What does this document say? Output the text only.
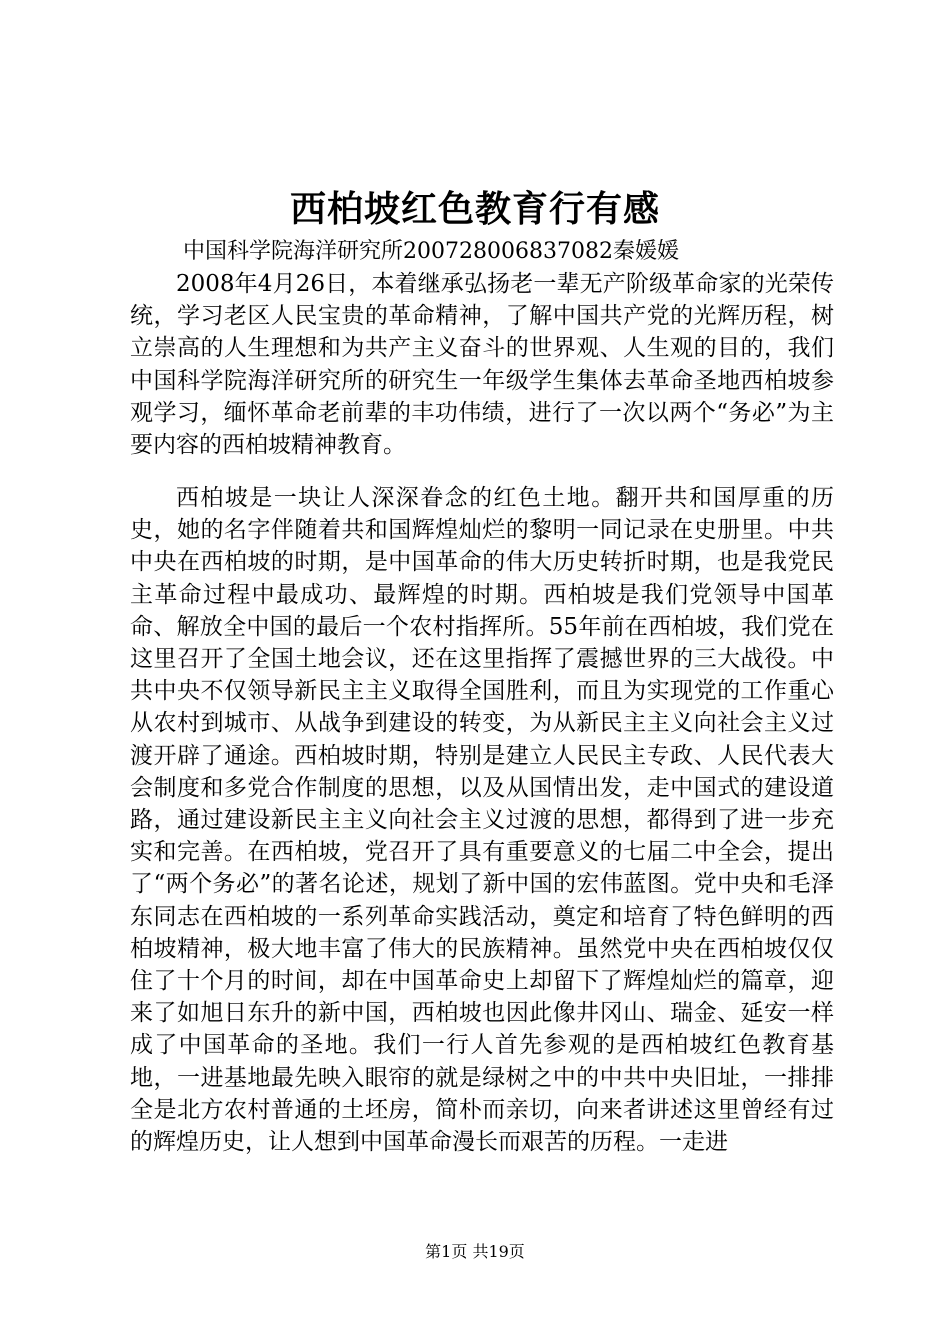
西柏坡红色教育行有感
中国科学院海洋研究所200728006837082秦媛媛

2008年4月26日，本着继承弘扬老一辈无产阶级革命家的光荣传统，学习老区人民宝贵的革命精神，了解中国共产党的光辉历程，树立崇高的人生理想和为共产主义奋斗的世界观、人生观的目的，我们中国科学院海洋研究所的研究生一年级学生集体去革命圣地西柏坡参观学习，缅怀革命老前辈的丰功伟绩，进行了一次以两个“务必”为主要内容的西柏坡精神教育。

西柏坡是一块让人深深眷念的红色土地。翻开共和国厚重的历史，她的名字伴随着共和国辉煌灿烂的黎明一同记录在史册里。中共中央在西柏坡的时期，是中国革命的伟大历史转折时期，也是我党民主革命过程中最成功、最辉煌的时期。西柏坡是我们党领导中国革命、解放全中国的最后一个农村指挥所。55年前在西柏坡，我们党在这里召开了全国土地会议，还在这里指挥了震撼世界的三大战役。中共中央不仅领导新民主主义取得全国胜利，而且为实现党的工作重心从农村到城市、从战争到建设的转变，为从新民主主义向社会主义过渡开辟了通途。西柏坡时期，特别是建立人民民主专政、人民代表大会制度和多党合作制度的思想，以及从国情出发，走中国式的建设道路，通过建设新民主主义向社会主义过渡的思想，都得到了进一步充实和完善。在西柏坡，党召开了具有重要意义的七届二中全会，提出了“两个务必”的著名论述，规划了新中国的宏伟蓝图。党中央和毛泽东同志在西柏坡的一系列革命实践活动，奠定和培育了特色鲜明的西柏坡精神，极大地丰富了伟大的民族精神。虽然党中央在西柏坡仅仅住了十个月的时间，却在中国革命史上却留下了辉煌灿烂的篇章，迎来了如旭日东升的新中国，西柏坡也因此像井冈山、瑞金、延安一样成了中国革命的圣地。我们一行人首先参观的是西柏坡红色教育基地，一进基地最先映入眼帘的就是绿树之中的中共中央旧址，一排排全是北方农村普通的土坯房，简朴而亲切，向来者讲述这里曾经有过的辉煌历史，让人想到中国革命漫长而艰苦的历程。一走进

第1页 共19页
